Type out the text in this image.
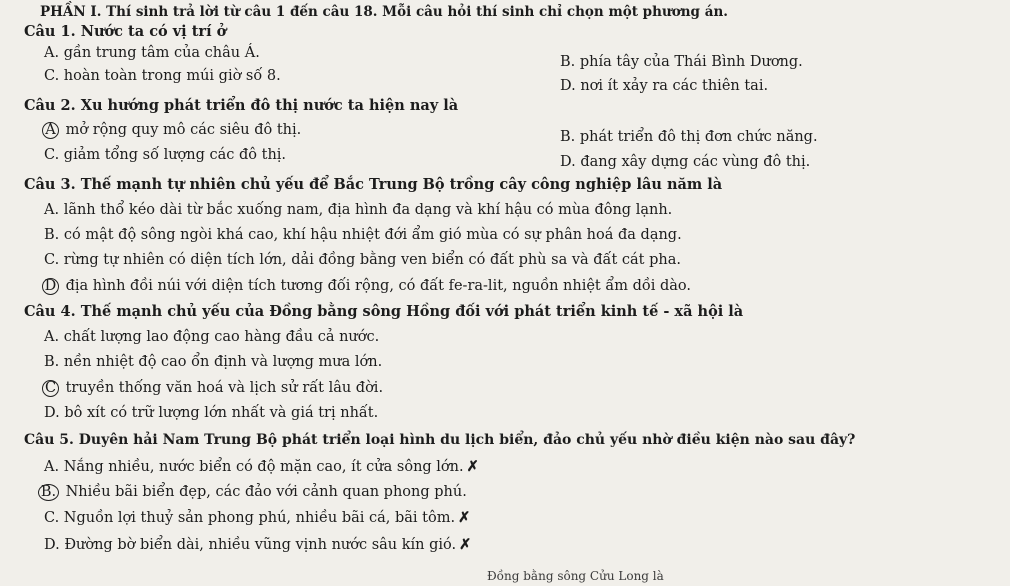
PHẦN I. Thí sinh trả lời từ câu 1 đến câu 18. Mỗi câu hỏi thí sinh chỉ chọn một phương án.
Câu 1. Nước ta có vị trí ở
A. gần trung tâm của châu Á.
B. phía tây của Thái Bình Dương.
C. hoàn toàn trong múi giờ số 8.
D. nơi ít xảy ra các thiên tai.
Câu 2. Xu hướng phát triển đô thị nước ta hiện nay là
A mở rộng quy mô các siêu đô thị.	B. phát triển đô thị đơn chức năng.
C. giảm tổng số lượng các đô thị.	D. đang xây dựng các vùng đô thị.
Câu 3. Thế mạnh tự nhiên chủ yếu để Bắc Trung Bộ trồng cây công nghiệp lâu năm là
A. lãnh thổ kéo dài từ bắc xuống nam, địa hình đa dạng và khí hậu có mùa đông lạnh.
B. có mật độ sông ngòi khá cao, khí hậu nhiệt đới ẩm gió mùa có sự phân hoá đa dạng.
C. rừng tự nhiên có diện tích lớn, dải đồng bằng ven biển có đất phù sa và đất cát pha.
D địa hình đồi núi với diện tích tương đối rộng, có đất fe-ra-lit, nguồn nhiệt ẩm dồi dào.
Câu 4. Thế mạnh chủ yếu của Đồng bằng sông Hồng đối với phát triển kinh tế - xã hội là
A. chất lượng lao động cao hàng đầu cả nước.
B. nền nhiệt độ cao ổn định và lượng mưa lớn.
C truyền thống văn hoá và lịch sử rất lâu đời.
D. bô xít có trữ lượng lớn nhất và giá trị nhất.
Câu 5. Duyên hải Nam Trung Bộ phát triển loại hình du lịch biển, đảo chủ yếu nhờ điều kiện nào sau đây?
A. Nắng nhiều, nước biển có độ mặn cao, ít cửa sông lớn. ✗
B. Nhiều bãi biển đẹp, các đảo với cảnh quan phong phú.
C. Nguồn lợi thuỷ sản phong phú, nhiều bãi cá, bãi tôm. ✗
D. Đường bờ biển dài, nhiều vũng vịnh nước sâu kín gió. ✗
Đồng bằng sông Cửu Long là
